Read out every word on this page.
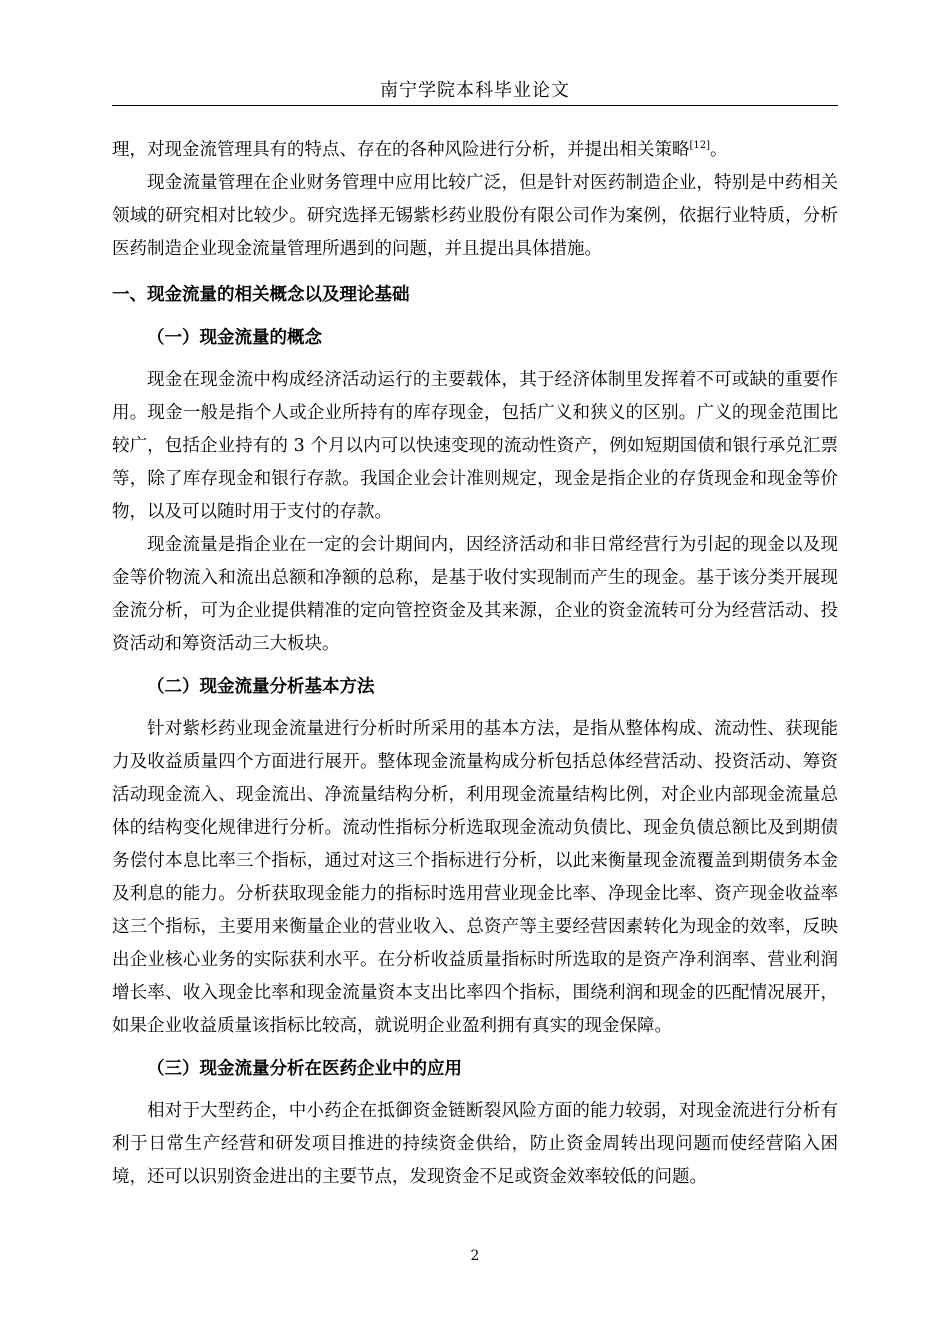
南宁学院本科毕业论文

理，对现金流管理具有的特点、存在的各种风险进行分析，并提出相关策略[12]。

现金流量管理在企业财务管理中应用比较广泛，但是针对医药制造企业，特别是中药相关领域的研究相对比较少。研究选择无锡紫杉药业股份有限公司作为案例，依据行业特质，分析医药制造企业现金流量管理所遇到的问题，并且提出具体措施。

一、现金流量的相关概念以及理论基础
（一）现金流量的概念

现金在现金流中构成经济活动运行的主要载体，其于经济体制里发挥着不可或缺的重要作用。现金一般是指个人或企业所持有的库存现金，包括广义和狭义的区别。广义的现金范围比较广，包括企业持有的 3 个月以内可以快速变现的流动性资产，例如短期国债和银行承兑汇票等，除了库存现金和银行存款。我国企业会计准则规定，现金是指企业的存货现金和现金等价物，以及可以随时用于支付的存款。

现金流量是指企业在一定的会计期间内，因经济活动和非日常经营行为引起的现金以及现金等价物流入和流出总额和净额的总称，是基于收付实现制而产生的现金。基于该分类开展现金流分析，可为企业提供精准的定向管控资金及其来源，企业的资金流转可分为经营活动、投资活动和筹资活动三大板块。

（二）现金流量分析基本方法

针对紫杉药业现金流量进行分析时所采用的基本方法，是指从整体构成、流动性、获现能力及收益质量四个方面进行展开。整体现金流量构成分析包括总体经营活动、投资活动、筹资活动现金流入、现金流出、净流量结构分析，利用现金流量结构比例，对企业内部现金流量总体的结构变化规律进行分析。流动性指标分析选取现金流动负债比、现金负债总额比及到期债务偿付本息比率三个指标，通过对这三个指标进行分析，以此来衡量现金流覆盖到期债务本金及利息的能力。分析获取现金能力的指标时选用营业现金比率、净现金比率、资产现金收益率这三个指标，主要用来衡量企业的营业收入、总资产等主要经营因素转化为现金的效率，反映出企业核心业务的实际获利水平。在分析收益质量指标时所选取的是资产净利润率、营业利润增长率、收入现金比率和现金流量资本支出比率四个指标，围绕利润和现金的匹配情况展开，如果企业收益质量该指标比较高，就说明企业盈利拥有真实的现金保障。

（三）现金流量分析在医药企业中的应用

相对于大型药企，中小药企在抵御资金链断裂风险方面的能力较弱，对现金流进行分析有利于日常生产经营和研发项目推进的持续资金供给，防止资金周转出现问题而使经营陷入困境，还可以识别资金进出的主要节点，发现资金不足或资金效率较低的问题。

2
